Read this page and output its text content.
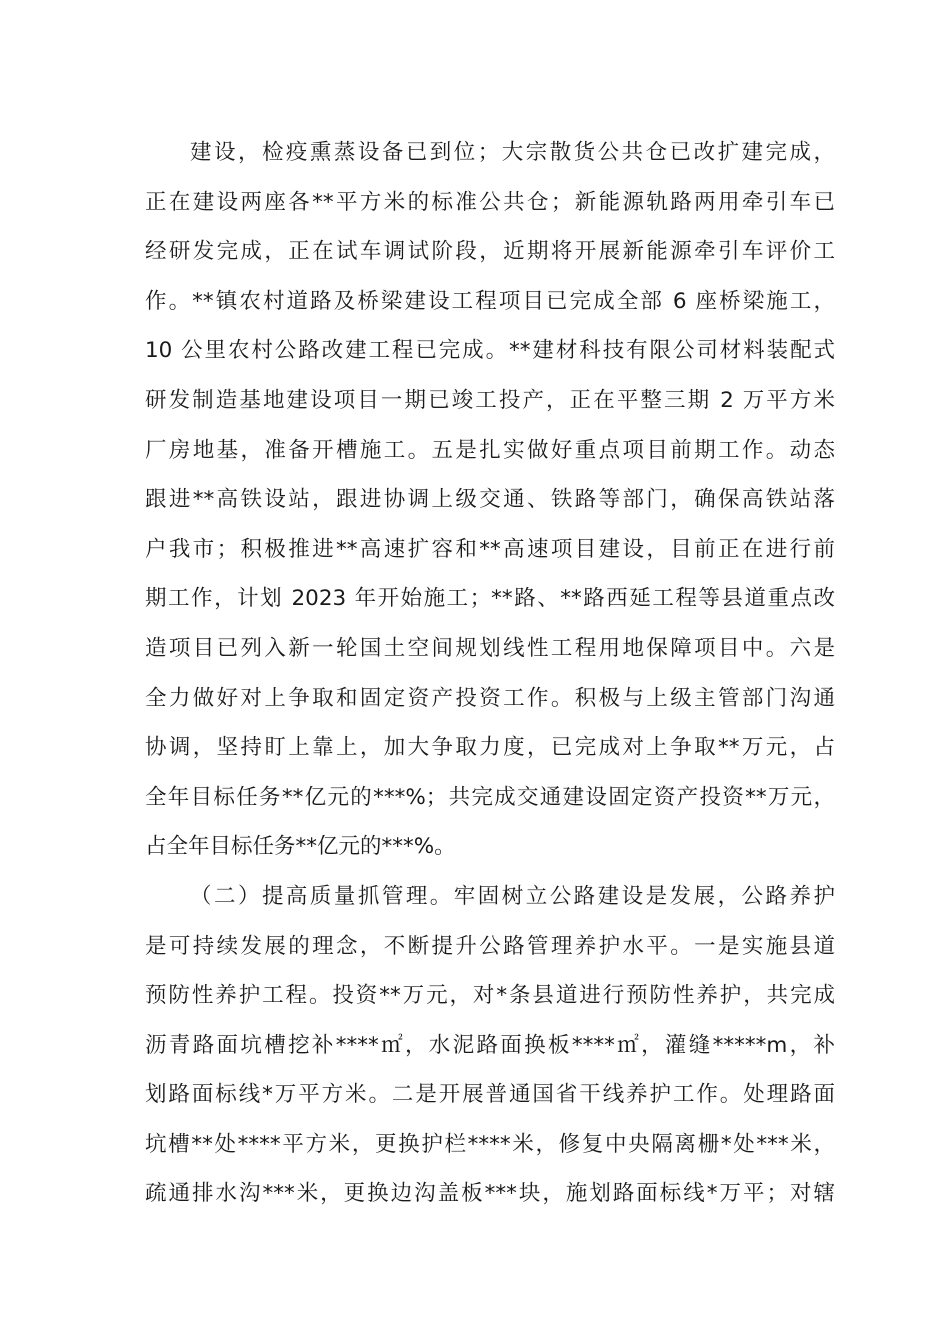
建设，检疫熏蒸设备已到位；大宗散货公共仓已改扩建完成，
正在建设两座各**平方米的标准公共仓；新能源轨路两用牵引车已
经研发完成，正在试车调试阶段，近期将开展新能源牵引车评价工
作。**镇农村道路及桥梁建设工程项目已完成全部 6 座桥梁施工，
10 公里农村公路改建工程已完成。**建材科技有限公司材料装配式
研发制造基地建设项目一期已竣工投产，正在平整三期 2 万平方米
厂房地基，准备开槽施工。五是扎实做好重点项目前期工作。动态
跟进**高铁设站，跟进协调上级交通、铁路等部门，确保高铁站落
户我市；积极推进**高速扩容和**高速项目建设，目前正在进行前
期工作，计划 2023 年开始施工；**路、**路西延工程等县道重点改
造项目已列入新一轮国土空间规划线性工程用地保障项目中。六是
全力做好对上争取和固定资产投资工作。积极与上级主管部门沟通
协调，坚持盯上靠上，加大争取力度，已完成对上争取**万元，占
全年目标任务**亿元的***%；共完成交通建设固定资产投资**万元，
占全年目标任务**亿元的***%。
（二）提高质量抓管理。牢固树立公路建设是发展，公路养护
是可持续发展的理念，不断提升公路管理养护水平。一是实施县道
预防性养护工程。投资**万元，对*条县道进行预防性养护，共完成
沥青路面坑槽挖补****㎡，水泥路面换板****㎡，灌缝*****m，补
划路面标线*万平方米。二是开展普通国省干线养护工作。处理路面
坑槽**处****平方米，更换护栏****米，修复中央隔离栅*处***米，
疏通排水沟***米，更换边沟盖板***块，施划路面标线*万平；对辖
